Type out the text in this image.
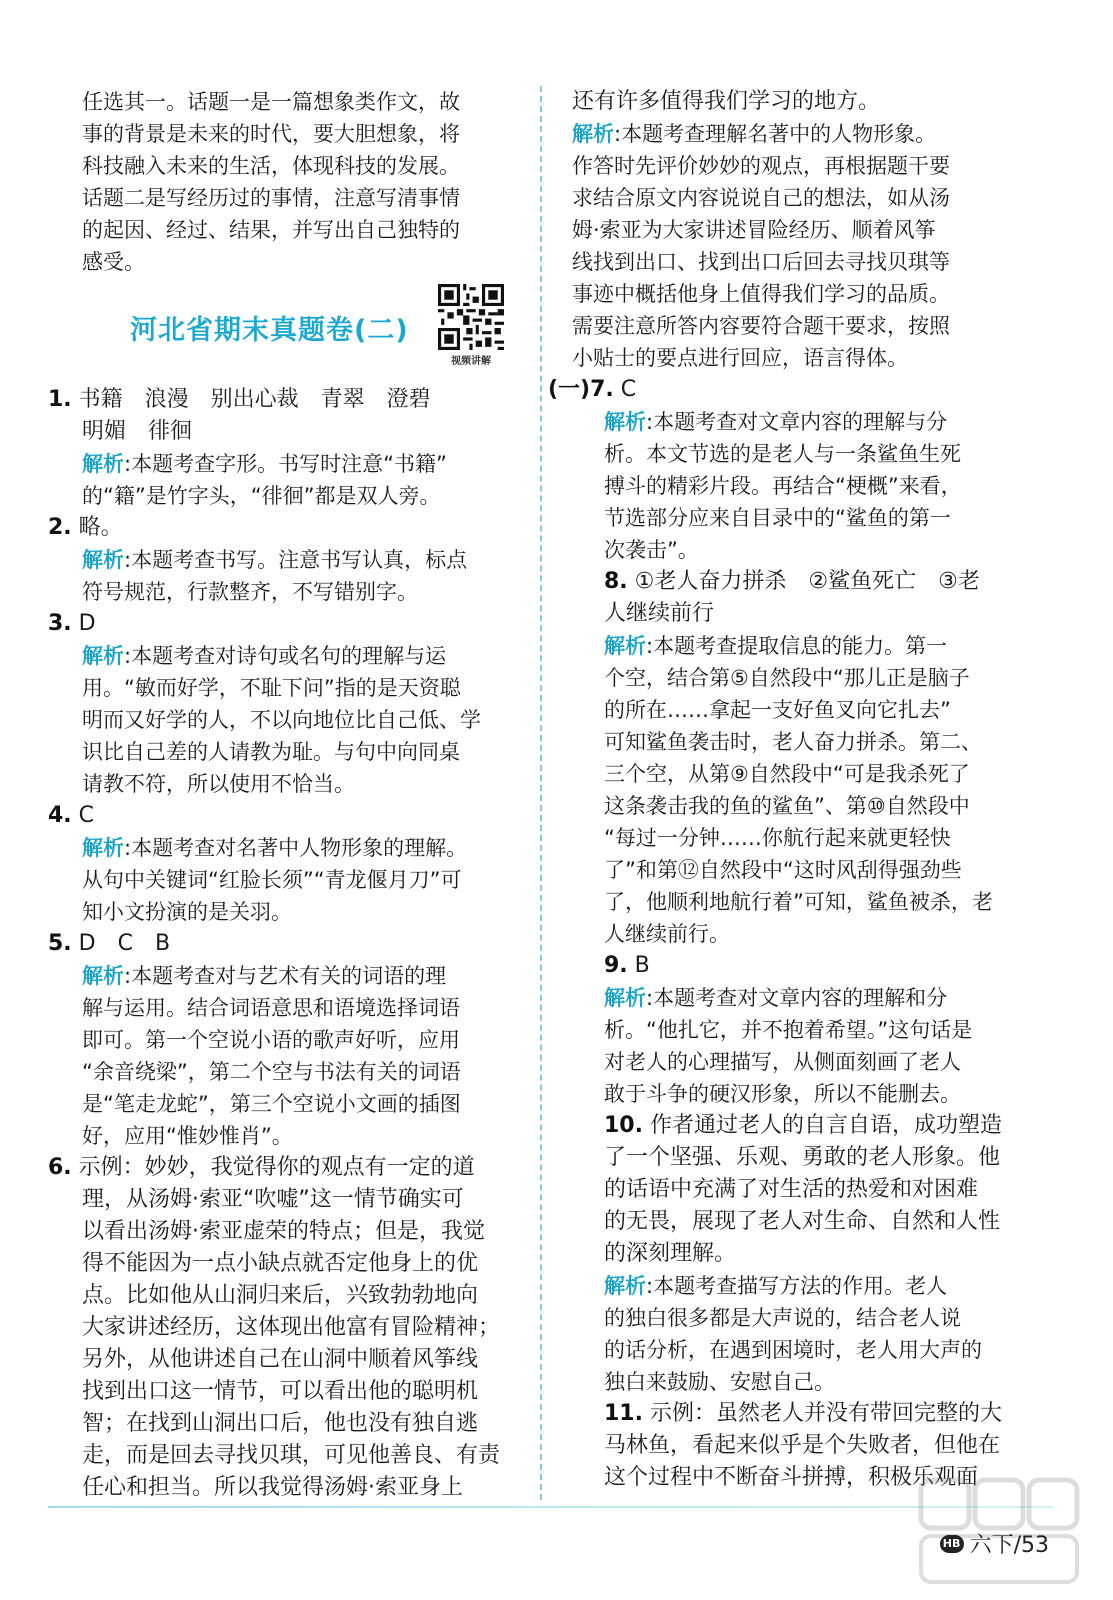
任选其一。话题一是一篇想象类作文，故

事的背景是未来的时代，要大胆想象，将

科技融入未来的生活，体现科技的发展。

话题二是写经历过的事情，注意写清事情

的起因、经过、结果，并写出自己独特的

感受。

河北省期末真题卷(二)
视频讲解

1. 书籍　浪漫　别出心裁　青翠　澄碧

明媚　徘徊

解析:本题考查字形。书写时注意“书籍”

的“籍”是竹字头，“徘徊”都是双人旁。

2. 略。

解析:本题考查书写。注意书写认真，标点

符号规范，行款整齐，不写错别字。

3. D

解析:本题考查对诗句或名句的理解与运

用。“敏而好学，不耻下问”指的是天资聪

明而又好学的人，不以向地位比自己低、学

识比自己差的人请教为耻。与句中向同桌

请教不符，所以使用不恰当。

4. C

解析:本题考查对名著中人物形象的理解。

从句中关键词“红脸长须”“青龙偃月刀”可

知小文扮演的是关羽。

5. D　C　B

解析:本题考查对与艺术有关的词语的理

解与运用。结合词语意思和语境选择词语

即可。第一个空说小语的歌声好听，应用

“余音绕梁”，第二个空与书法有关的词语

是“笔走龙蛇”，第三个空说小文画的插图

好，应用“惟妙惟肖”。

6. 示例：妙妙，我觉得你的观点有一定的道

理，从汤姆·索亚“吹嘘”这一情节确实可

以看出汤姆·索亚虚荣的特点；但是，我觉

得不能因为一点小缺点就否定他身上的优

点。比如他从山洞归来后，兴致勃勃地向

大家讲述经历，这体现出他富有冒险精神；

另外，从他讲述自己在山洞中顺着风筝线

找到出口这一情节，可以看出他的聪明机

智；在找到山洞出口后，他也没有独自逃

走，而是回去寻找贝琪，可见他善良、有责

任心和担当。所以我觉得汤姆·索亚身上

还有许多值得我们学习的地方。

解析:本题考查理解名著中的人物形象。

作答时先评价妙妙的观点，再根据题干要

求结合原文内容说说自己的想法，如从汤

姆·索亚为大家讲述冒险经历、顺着风筝

线找到出口、找到出口后回去寻找贝琪等

事迹中概括他身上值得我们学习的品质。

需要注意所答内容要符合题干要求，按照

小贴士的要点进行回应，语言得体。

(一)7. C

解析:本题考查对文章内容的理解与分

析。本文节选的是老人与一条鲨鱼生死

搏斗的精彩片段。再结合“梗概”来看，

节选部分应来自目录中的“鲨鱼的第一

次袭击”。

8. ①老人奋力拼杀　②鲨鱼死亡　③老

人继续前行

解析:本题考查提取信息的能力。第一

个空，结合第⑤自然段中“那儿正是脑子

的所在……拿起一支好鱼叉向它扎去”

可知鲨鱼袭击时，老人奋力拼杀。第二、

三个空，从第⑨自然段中“可是我杀死了

这条袭击我的鱼的鲨鱼”、第⑩自然段中

“每过一分钟……你航行起来就更轻快

了”和第⑫自然段中“这时风刮得强劲些

了，他顺利地航行着”可知，鲨鱼被杀，老

人继续前行。

9. B

解析:本题考查对文章内容的理解和分

析。“他扎它，并不抱着希望。”这句话是

对老人的心理描写，从侧面刻画了老人

敢于斗争的硬汉形象，所以不能删去。

10. 作者通过老人的自言自语，成功塑造

了一个坚强、乐观、勇敢的老人形象。他

的话语中充满了对生活的热爱和对困难

的无畏，展现了老人对生命、自然和人性

的深刻理解。

解析:本题考查描写方法的作用。老人

的独白很多都是大声说的，结合老人说

的话分析，在遇到困境时，老人用大声的

独白来鼓励、安慰自己。

11. 示例：虽然老人并没有带回完整的大

马林鱼，看起来似乎是个失败者，但他在

这个过程中不断奋斗拼搏，积极乐观面

HB 六下/53
